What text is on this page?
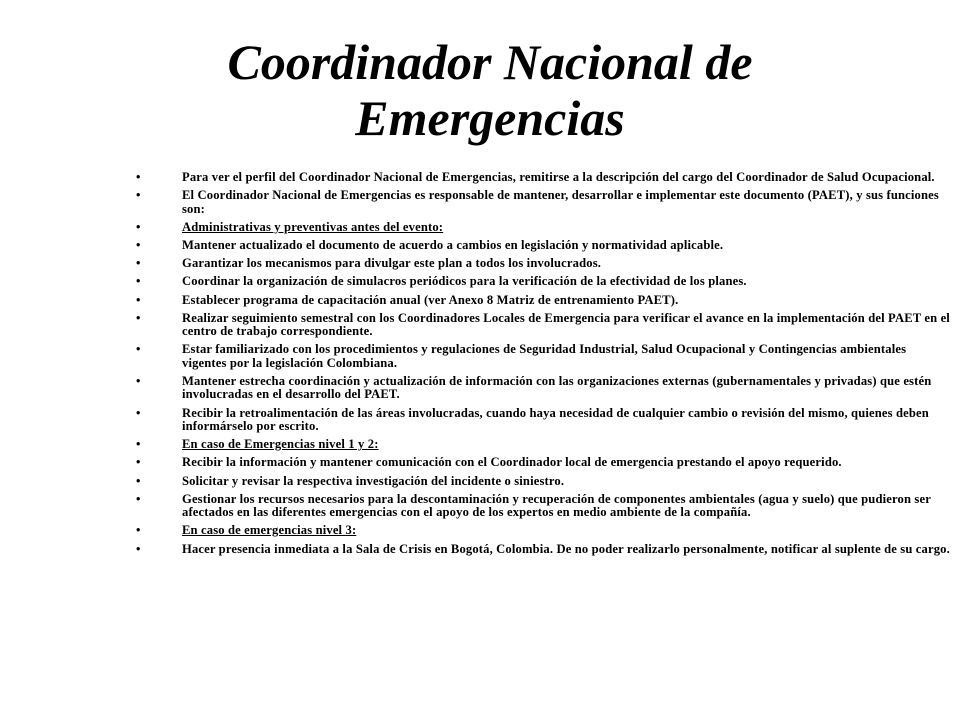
Coordinador Nacional de
Emergencias
•	Para ver el perfil del Coordinador Nacional de Emergencias, remitirse a la descripción del cargo del Coordinador de Salud Ocupacional.
•	El Coordinador Nacional de Emergencias es responsable de mantener, desarrollar e implementar este documento (PAET), y sus funciones son:
•	Administrativas y preventivas antes del evento:
•	Mantener actualizado el documento de acuerdo a cambios en legislación y normatividad aplicable.
•	Garantizar los mecanismos para divulgar este plan a todos los involucrados.
•	Coordinar la organización de simulacros periódicos para la verificación de la efectividad de los planes.
•	Establecer programa de capacitación anual (ver Anexo 8 Matriz de entrenamiento PAET).
•	Realizar seguimiento semestral con los Coordinadores Locales de Emergencia para verificar el avance en la implementación del PAET en el centro de trabajo correspondiente.
•	Estar familiarizado con los procedimientos y regulaciones de Seguridad Industrial, Salud Ocupacional y Contingencias ambientales vigentes por la legislación Colombiana.
•	Mantener estrecha coordinación y actualización de información con las organizaciones externas (gubernamentales y privadas) que estén involucradas en el desarrollo del PAET.
•	Recibir la retroalimentación de las áreas involucradas, cuando haya necesidad de cualquier cambio o revisión del mismo, quienes deben informárselo por escrito.
•	En caso de Emergencias nivel 1 y 2:
•	Recibir la información y mantener comunicación con el Coordinador local de emergencia prestando el apoyo requerido.
•	Solicitar y revisar la respectiva investigación del incidente o siniestro.
•	Gestionar los recursos necesarios para la descontaminación y recuperación de componentes ambientales (agua y suelo) que pudieron ser afectados en las diferentes emergencias con el apoyo de los expertos en medio ambiente de la compañía.
•	En caso de emergencias nivel 3:
•	Hacer presencia inmediata a la Sala de Crisis en Bogotá, Colombia. De no poder realizarlo personalmente, notificar al suplente de su cargo.
